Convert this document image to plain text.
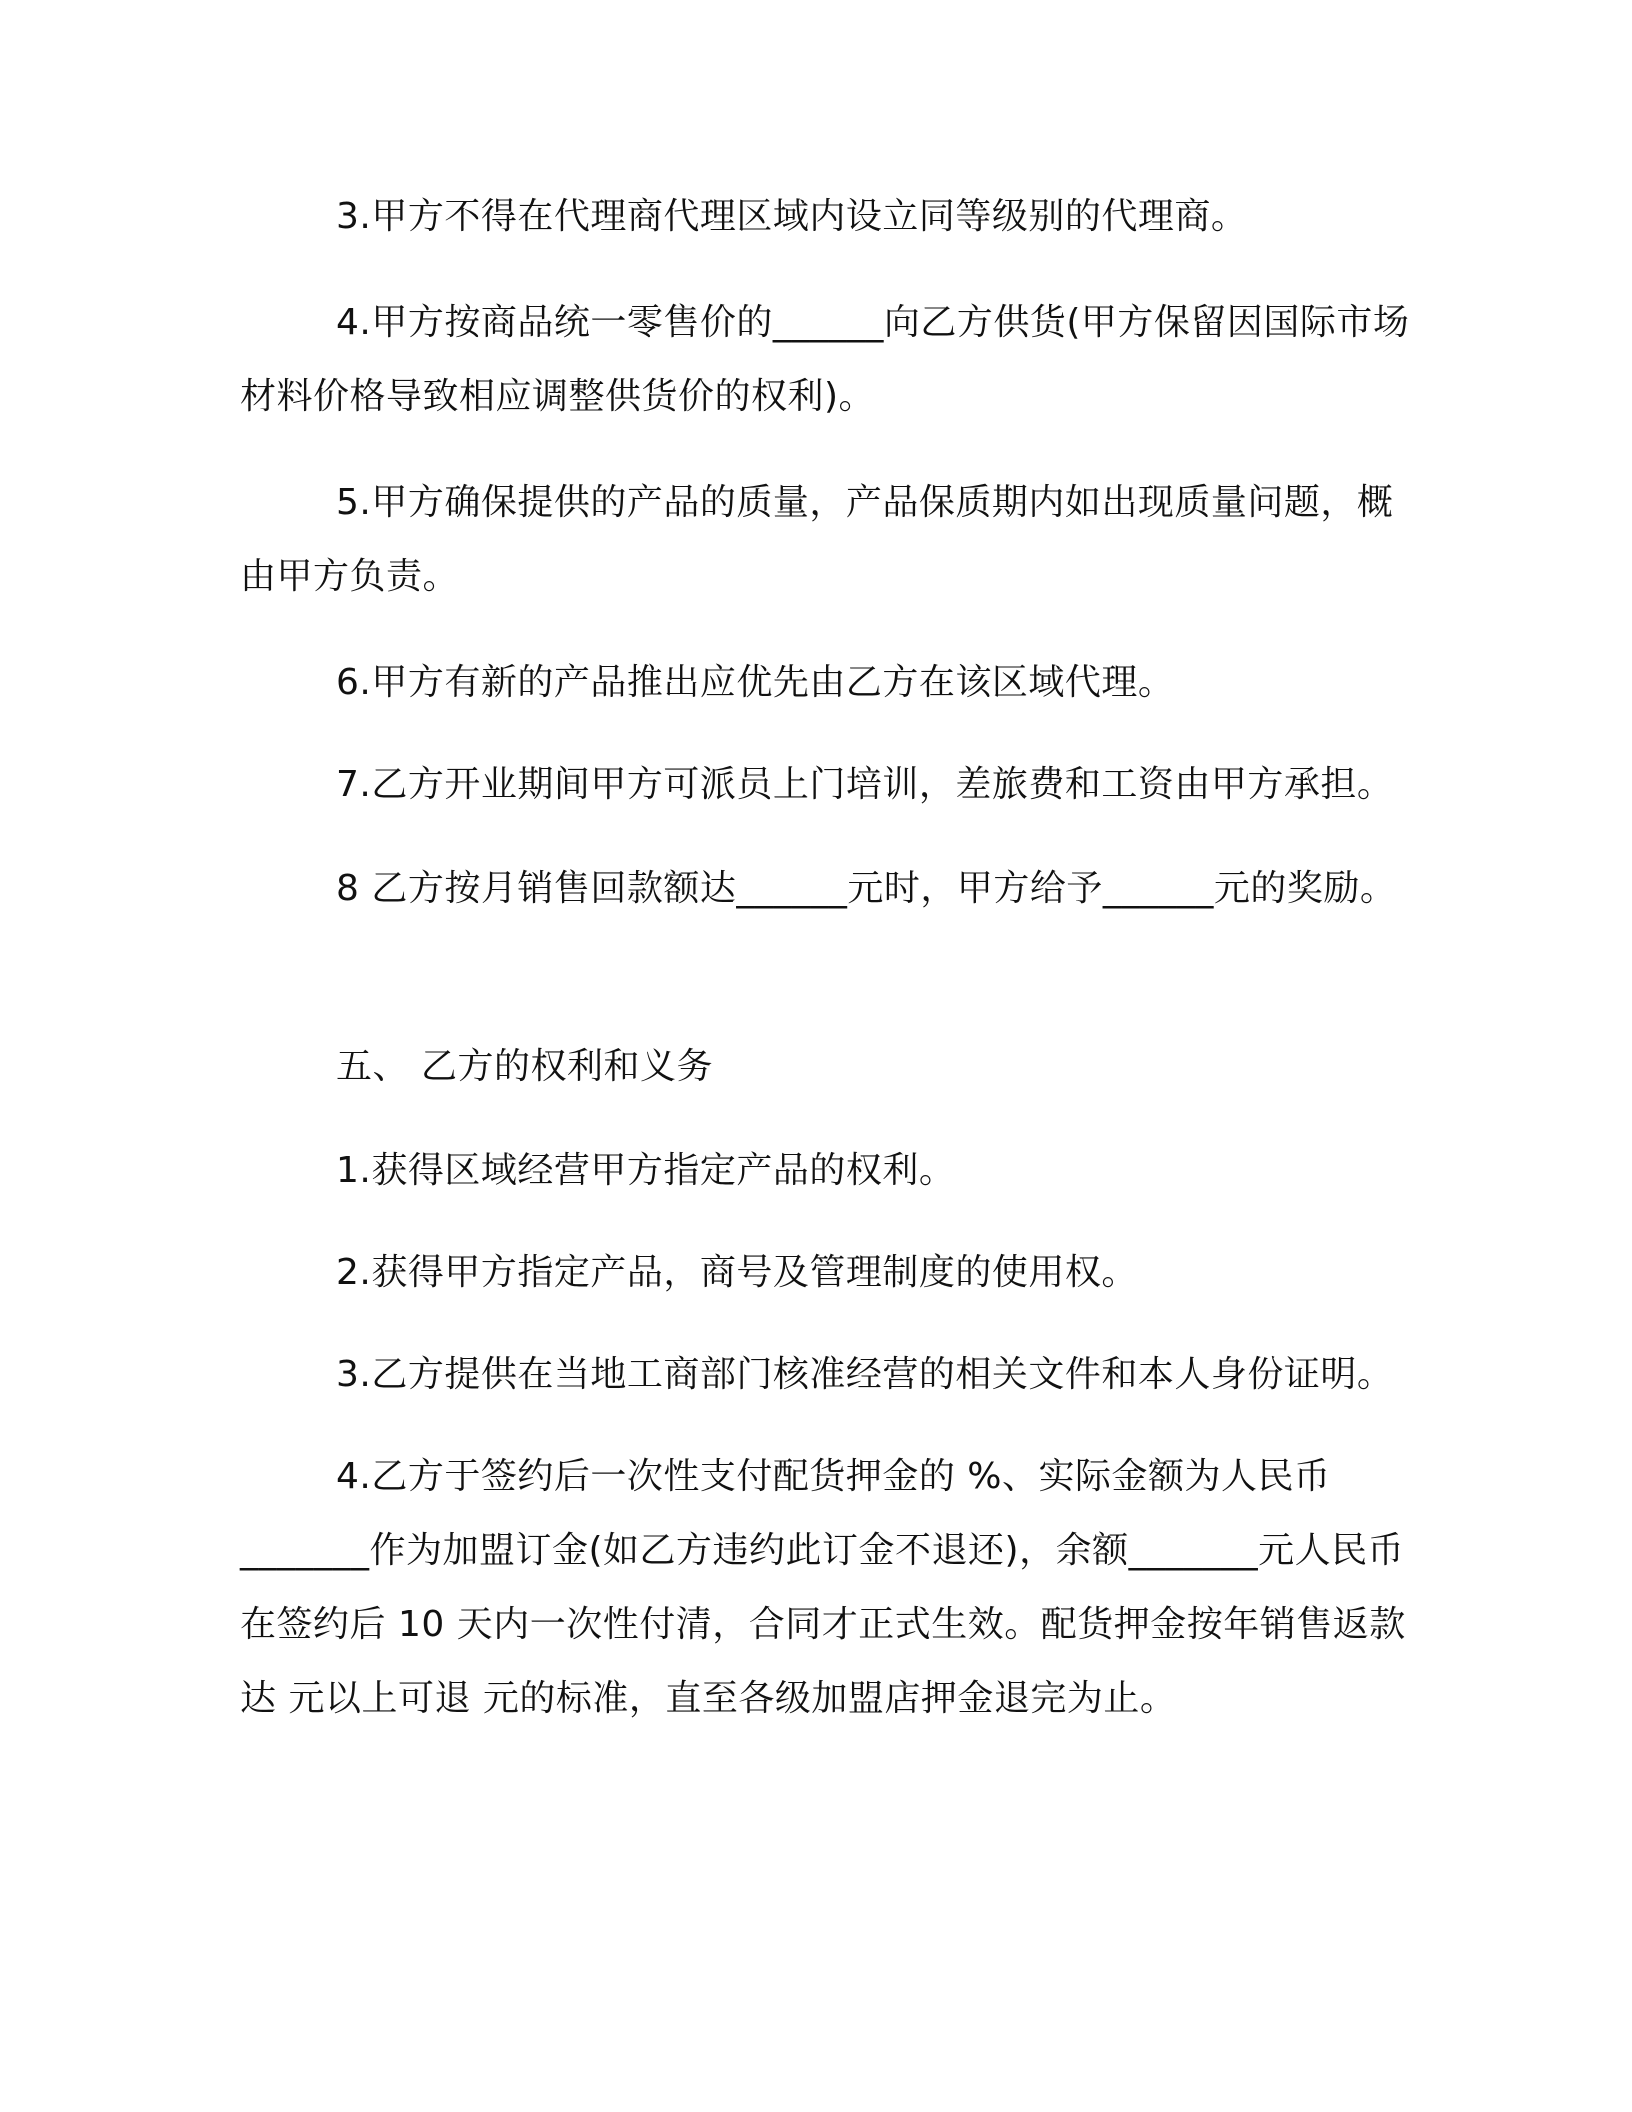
3.甲方不得在代理商代理区域内设立同等级别的代理商。

4.甲方按商品统一零售价的______向乙方供货(甲方保留因国际市场材料价格导致相应调整供货价的权利)。

5.甲方确保提供的产品的质量，产品保质期内如出现质量问题，概由甲方负责。

6.甲方有新的产品推出应优先由乙方在该区域代理。

7.乙方开业期间甲方可派员上门培训，差旅费和工资由甲方承担。

8 乙方按月销售回款额达______元时，甲方给予______元的奖励。

五、 乙方的权利和义务

1.获得区域经营甲方指定产品的权利。

2.获得甲方指定产品，商号及管理制度的使用权。

3.乙方提供在当地工商部门核准经营的相关文件和本人身份证明。

4.乙方于签约后一次性支付配货押金的 %、实际金额为人民币_______作为加盟订金(如乙方违约此订金不退还)，余额_______元人民币在签约后 10 天内一次性付清，合同才正式生效。配货押金按年销售返款达 元以上可退 元的标准，直至各级加盟店押金退完为止。
